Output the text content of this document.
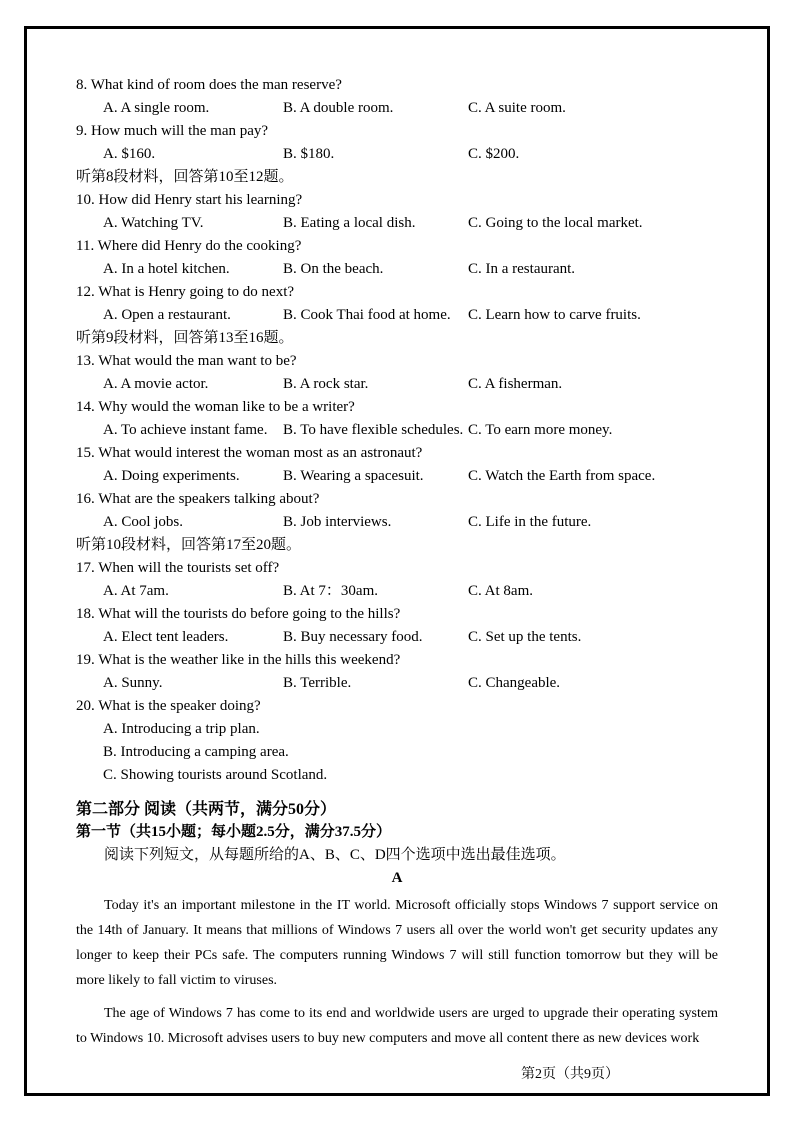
8. What kind of room does the man reserve?
A. A single room.	B. A double room.	C. A suite room.
9. How much will the man pay?
A. $160.	B. $180.	C. $200.
听第8段材料，回答第10至12题。
10. How did Henry start his learning?
A. Watching TV.	B. Eating a local dish.	C. Going to the local market.
11. Where did Henry do the cooking?
A. In a hotel kitchen.	B. On the beach.	C. In a restaurant.
12. What is Henry going to do next?
A. Open a restaurant.	B. Cook Thai food at home.	C. Learn how to carve fruits.
听第9段材料，回答第13至16题。
13. What would the man want to be?
A. A movie actor.	B. A rock star.	C. A fisherman.
14. Why would the woman like to be a writer?
A. To achieve instant fame.	B. To have flexible schedules. C. To earn more money.
15. What would interest the woman most as an astronaut?
A. Doing experiments.	B. Wearing a spacesuit.	C. Watch the Earth from space.
16. What are the speakers talking about?
A. Cool jobs.	B. Job interviews.	C. Life in the future.
听第10段材料，回答第17至20题。
17. When will the tourists set off?
A. At 7am.	B. At 7：30am.	C. At 8am.
18. What will the tourists do before going to the hills?
A. Elect tent leaders.	B. Buy necessary food.	C. Set up the tents.
19. What is the weather like in the hills this weekend?
A. Sunny.	B. Terrible.	C. Changeable.
20. What is the speaker doing?
A. Introducing a trip plan.
B. Introducing a camping area.
C. Showing tourists around Scotland.
第二部分 阅读（共两节，满分50分）
第一节（共15小题；每小题2.5分，满分37.5分）
阅读下列短文，从每题所给的A、B、C、D四个选项中选出最佳选项。
A

Today it's an important milestone in the IT world. Microsoft officially stops Windows 7 support service on the 14th of January. It means that millions of Windows 7 users all over the world won't get security updates any longer to keep their PCs safe. The computers running Windows 7 will still function tomorrow but they will be more likely to fall victim to viruses.

The age of Windows 7 has come to its end and worldwide users are urged to upgrade their operating system to Windows 10. Microsoft advises users to buy new computers and move all content there as new devices work

第2页（共9页）
